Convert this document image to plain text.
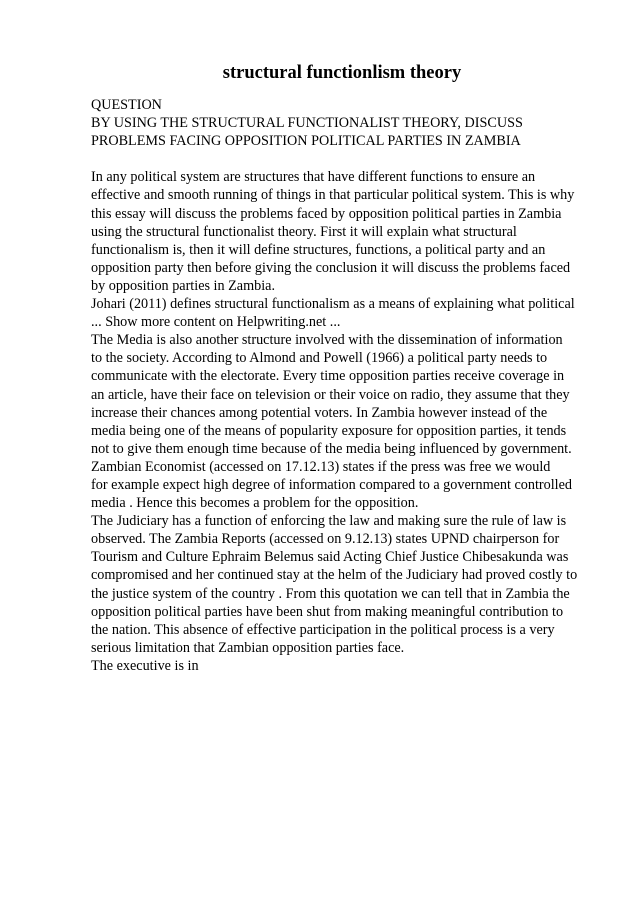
structural functionlism theory
QUESTION
BY USING THE STRUCTURAL FUNCTIONALIST THEORY, DISCUSS
PROBLEMS FACING OPPOSITION POLITICAL PARTIES IN ZAMBIA
In any political system are structures that have different functions to ensure an
effective and smooth running of things in that particular political system. This is why
this essay will discuss the problems faced by opposition political parties in Zambia
using the structural functionalist theory. First it will explain what structural
functionalism is, then it will define structures, functions, a political party and an
opposition party then before giving the conclusion it will discuss the problems faced
by opposition parties in Zambia.
Johari (2011) defines structural functionalism as a means of explaining what political
... Show more content on Helpwriting.net ...
The Media is also another structure involved with the dissemination of information
to the society. According to Almond and Powell (1966) a political party needs to
communicate with the electorate. Every time opposition parties receive coverage in
an article, have their face on television or their voice on radio, they assume that they
increase their chances among potential voters. In Zambia however instead of the
media being one of the means of popularity exposure for opposition parties, it tends
not to give them enough time because of the media being influenced by government.
Zambian Economist (accessed on 17.12.13) states if the press was free we would
for example expect high degree of information compared to a government controlled
media . Hence this becomes a problem for the opposition.
The Judiciary has a function of enforcing the law and making sure the rule of law is
observed. The Zambia Reports (accessed on 9.12.13) states UPND chairperson for
Tourism and Culture Ephraim Belemus said Acting Chief Justice Chibesakunda was
compromised and her continued stay at the helm of the Judiciary had proved costly to
the justice system of the country . From this quotation we can tell that in Zambia the
opposition political parties have been shut from making meaningful contribution to
the nation. This absence of effective participation in the political process is a very
serious limitation that Zambian opposition parties face.
The executive is in
